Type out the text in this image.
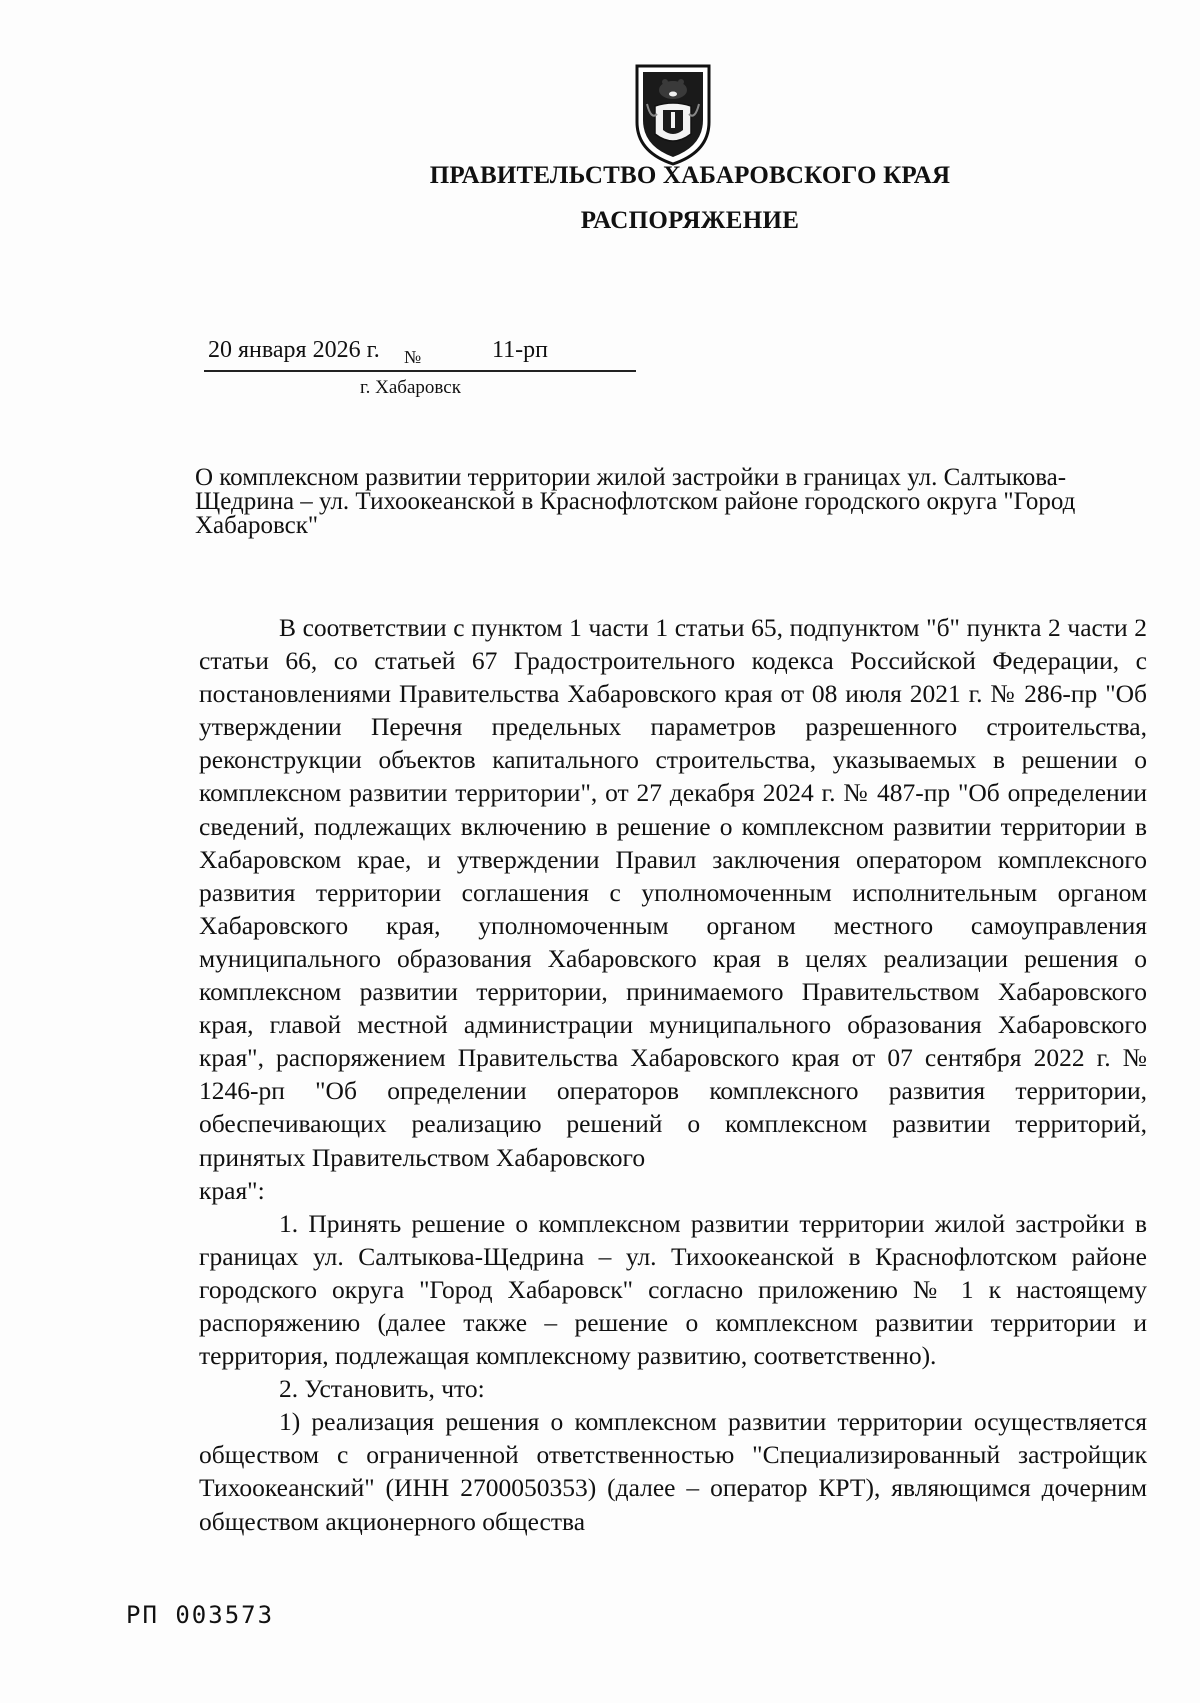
ПРАВИТЕЛЬСТВО ХАБАРОВСКОГО КРАЯ
РАСПОРЯЖЕНИЕ
20 января 2026 г. №	11-рп
г. Хабаровск
О комплексном развитии территории жилой застройки в границах ул. Салтыкова-Щедрина – ул. Тихоокеанской в Краснофлотском районе городского округа "Город Хабаровск"

В соответствии с пунктом 1 части 1 статьи 65, подпунктом "б" пункта 2 части 2 статьи 66, со статьей 67 Градостроительного кодекса Российской Федерации, с постановлениями Правительства Хабаровского края от 08 июля 2021 г. № 286-пр "Об утверждении Перечня предельных параметров разрешенного строительства, реконструкции объектов капитального строительства, указываемых в решении о комплексном развитии территории", от 27 декабря 2024 г. № 487-пр "Об определении сведений, подлежащих включению в решение о комплексном развитии территории в Хабаровском крае, и утверждении Правил заключения оператором комплексного развития территории соглашения с уполномоченным исполнительным органом Хабаровского края, уполномоченным органом местного самоуправления муниципального образования Хабаровского края в целях реализации решения о комплексном развитии территории, принимаемого Правительством Хабаровского края, главой местной администрации муниципального образования Хабаровского края", распоряжением Правительства Хабаровского края от 07 сентября 2022 г. № 1246-рп "Об определении операторов комплексного развития территории, обеспечивающих реализацию решений о комплексном развитии территорий, принятых Правительством Хабаровского

края":

1. Принять решение о комплексном развитии территории жилой застройки в границах ул. Салтыкова-Щедрина – ул. Тихоокеанской в Краснофлотском районе городского округа "Город Хабаровск" согласно приложению № 1 к настоящему распоряжению (далее также – решение о комплексном развитии территории и территория, подлежащая комплексному развитию, соответственно).

2. Установить, что:

1) реализация решения о комплексном развитии территории осуществляется обществом с ограниченной ответственностью "Специализированный застройщик Тихоокеанский" (ИНН 2700050353) (далее – оператор КРТ), являющимся дочерним обществом акционерного общества

РП 003573
